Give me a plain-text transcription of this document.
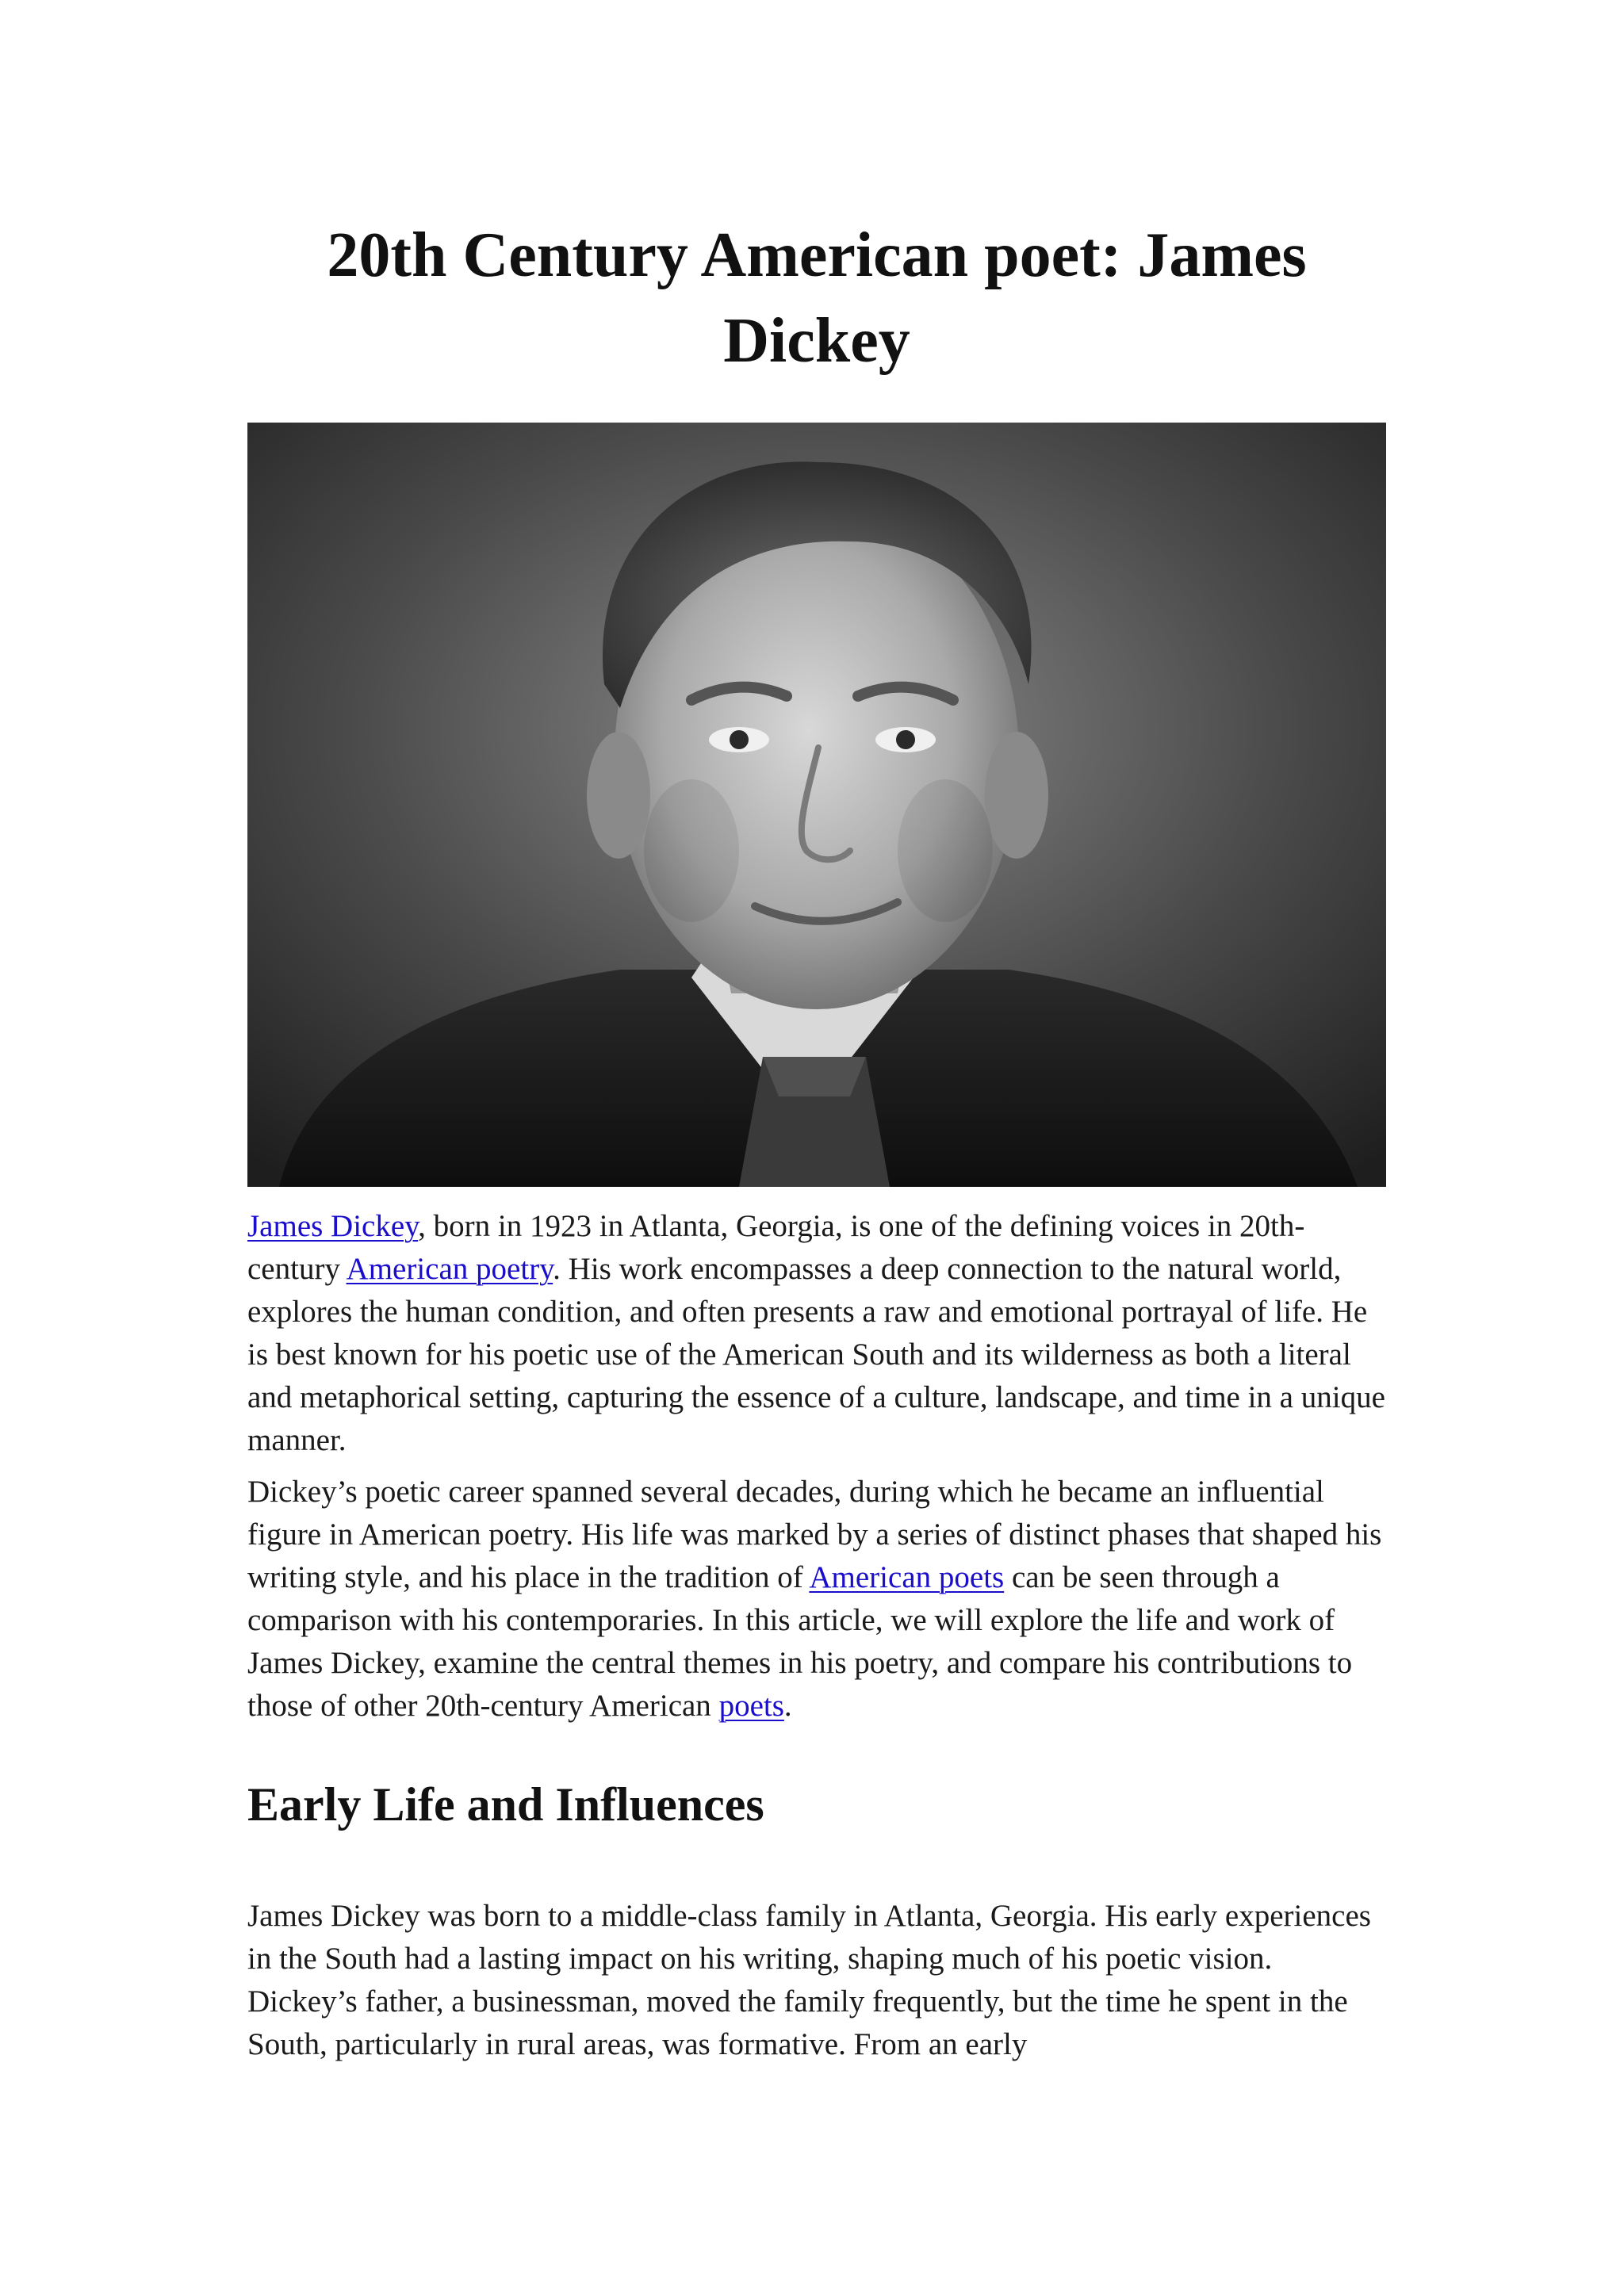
20th Century American poet: James
Dickey

James Dickey, born in 1923 in Atlanta, Georgia, is one of the defining voices in 20th-century American poetry. His work encompasses a deep connection to the natural world, explores the human condition, and often presents a raw and emotional portrayal of life. He is best known for his poetic use of the American South and its wilderness as both a literal and metaphorical setting, capturing the essence of a culture, landscape, and time in a unique manner.

Dickey’s poetic career spanned several decades, during which he became an influential figure in American poetry. His life was marked by a series of distinct phases that shaped his writing style, and his place in the tradition of American poets can be seen through a comparison with his contemporaries. In this article, we will explore the life and work of James Dickey, examine the central themes in his poetry, and compare his contributions to those of other 20th-century American poets.

Early Life and Influences

James Dickey was born to a middle-class family in Atlanta, Georgia. His early experiences in the South had a lasting impact on his writing, shaping much of his poetic vision. Dickey’s father, a businessman, moved the family frequently, but the time he spent in the South, particularly in rural areas, was formative. From an early
